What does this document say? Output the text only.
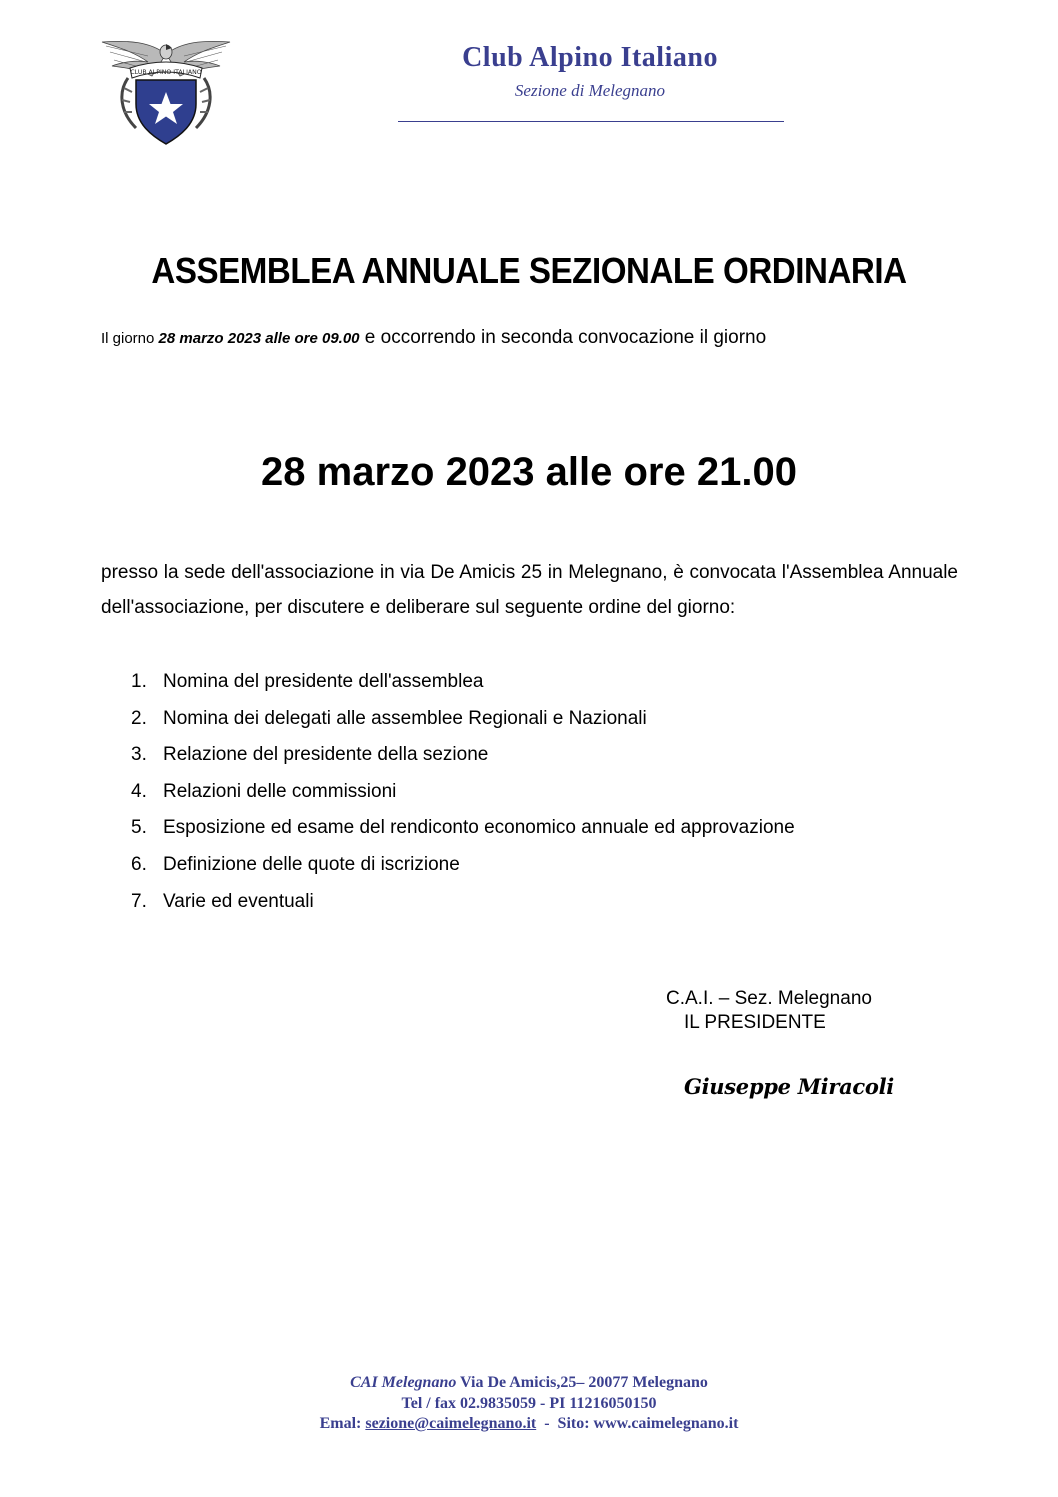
CLUB ALPINO ITALIANO	Club Alpino Italiano
Sezione di Melegnano
ASSEMBLEA ANNUALE SEZIONALE ORDINARIA
Il giorno 28 marzo 2023 alle ore 09.00 e occorrendo in seconda convocazione il giorno
28 marzo 2023 alle ore 21.00
presso la sede dell'associazione in via De Amicis 25 in Melegnano, è convocata l'Assemblea Annuale dell'associazione, per discutere e deliberare sul seguente ordine del giorno:
1. Nomina del presidente dell'assemblea
2. Nomina dei delegati alle assemblee Regionali e Nazionali
3. Relazione del presidente della sezione
4. Relazioni delle commissioni
5. Esposizione ed esame del rendiconto economico annuale ed approvazione
6. Definizione delle quote di iscrizione
7. Varie ed eventuali
C.A.I. – Sez. Melegnano
IL PRESIDENTE
Giuseppe Miracoli
CAI Melegnano Via De Amicis,25– 20077 Melegnano
Tel / fax 02.9835059 - PI 11216050150
Emal: sezione@caimelegnano.it  -  Sito: www.caimelegnano.it
